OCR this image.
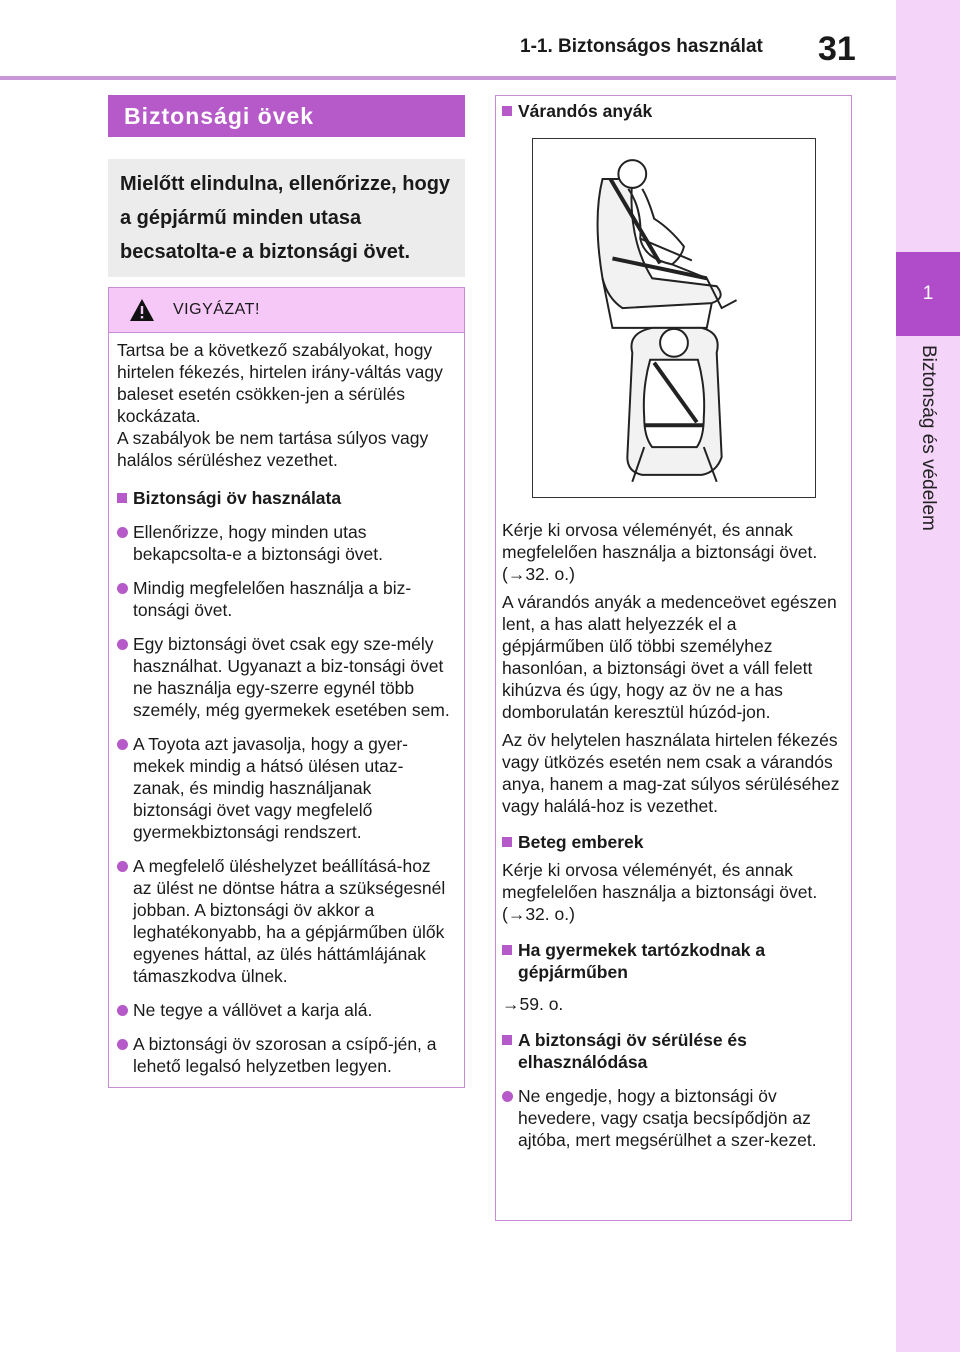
1-1. Biztonságos használat 31
1
Biztonság és védelem
Biztonsági övek
Mielőtt elindulna, ellenőrizze, hogy a gépjármű minden utasa becsatolta-e a biztonsági övet.
VIGYÁZAT!

Tartsa be a következő szabályokat, hogy hirtelen fékezés, hirtelen irány-váltás vagy baleset esetén csökken-jen a sérülés kockázata.

A szabályok be nem tartása súlyos vagy halálos sérüléshez vezethet.

Biztonsági öv használata
Ellenőrizze, hogy minden utas bekapcsolta-e a biztonsági övet.
Mindig megfelelően használja a biz-tonsági övet.
Egy biztonsági övet csak egy sze-mély használhat. Ugyanazt a biz-tonsági övet ne használja egy-szerre egynél több személy, még gyermekek esetében sem.
A Toyota azt javasolja, hogy a gyer-mekek mindig a hátsó ülésen utaz-zanak, és mindig használjanak biztonsági övet vagy megfelelő gyermekbiztonsági rendszert.
A megfelelő üléshelyzet beállításá-hoz az ülést ne döntse hátra a szükségesnél jobban. A biztonsági öv akkor a leghatékonyabb, ha a gépjárműben ülők egyenes háttal, az ülés háttámlájának támaszkodva ülnek.
Ne tegye a vállövet a karja alá.
A biztonsági öv szorosan a csípő-jén, a lehető legalsó helyzetben legyen.
Várandós anyák

Kérje ki orvosa véleményét, és annak megfelelően használja a biztonsági övet. (→32. o.)

A várandós anyák a medenceövet egészen lent, a has alatt helyezzék el a gépjárműben ülő többi személyhez hasonlóan, a biztonsági övet a váll felett kihúzva és úgy, hogy az öv ne a has domborulatán keresztül húzód-jon.

Az öv helytelen használata hirtelen fékezés vagy ütközés esetén nem csak a várandós anya, hanem a mag-zat súlyos sérüléséhez vagy halálá-hoz is vezethet.

Beteg emberek

Kérje ki orvosa véleményét, és annak megfelelően használja a biztonsági övet. (→32. o.)

Ha gyermekek tartózkodnak a gépjárműben

→59. o.

A biztonsági öv sérülése és elhasználódása
Ne engedje, hogy a biztonsági öv hevedere, vagy csatja becsípődjön az ajtóba, mert megsérülhet a szer-kezet.
